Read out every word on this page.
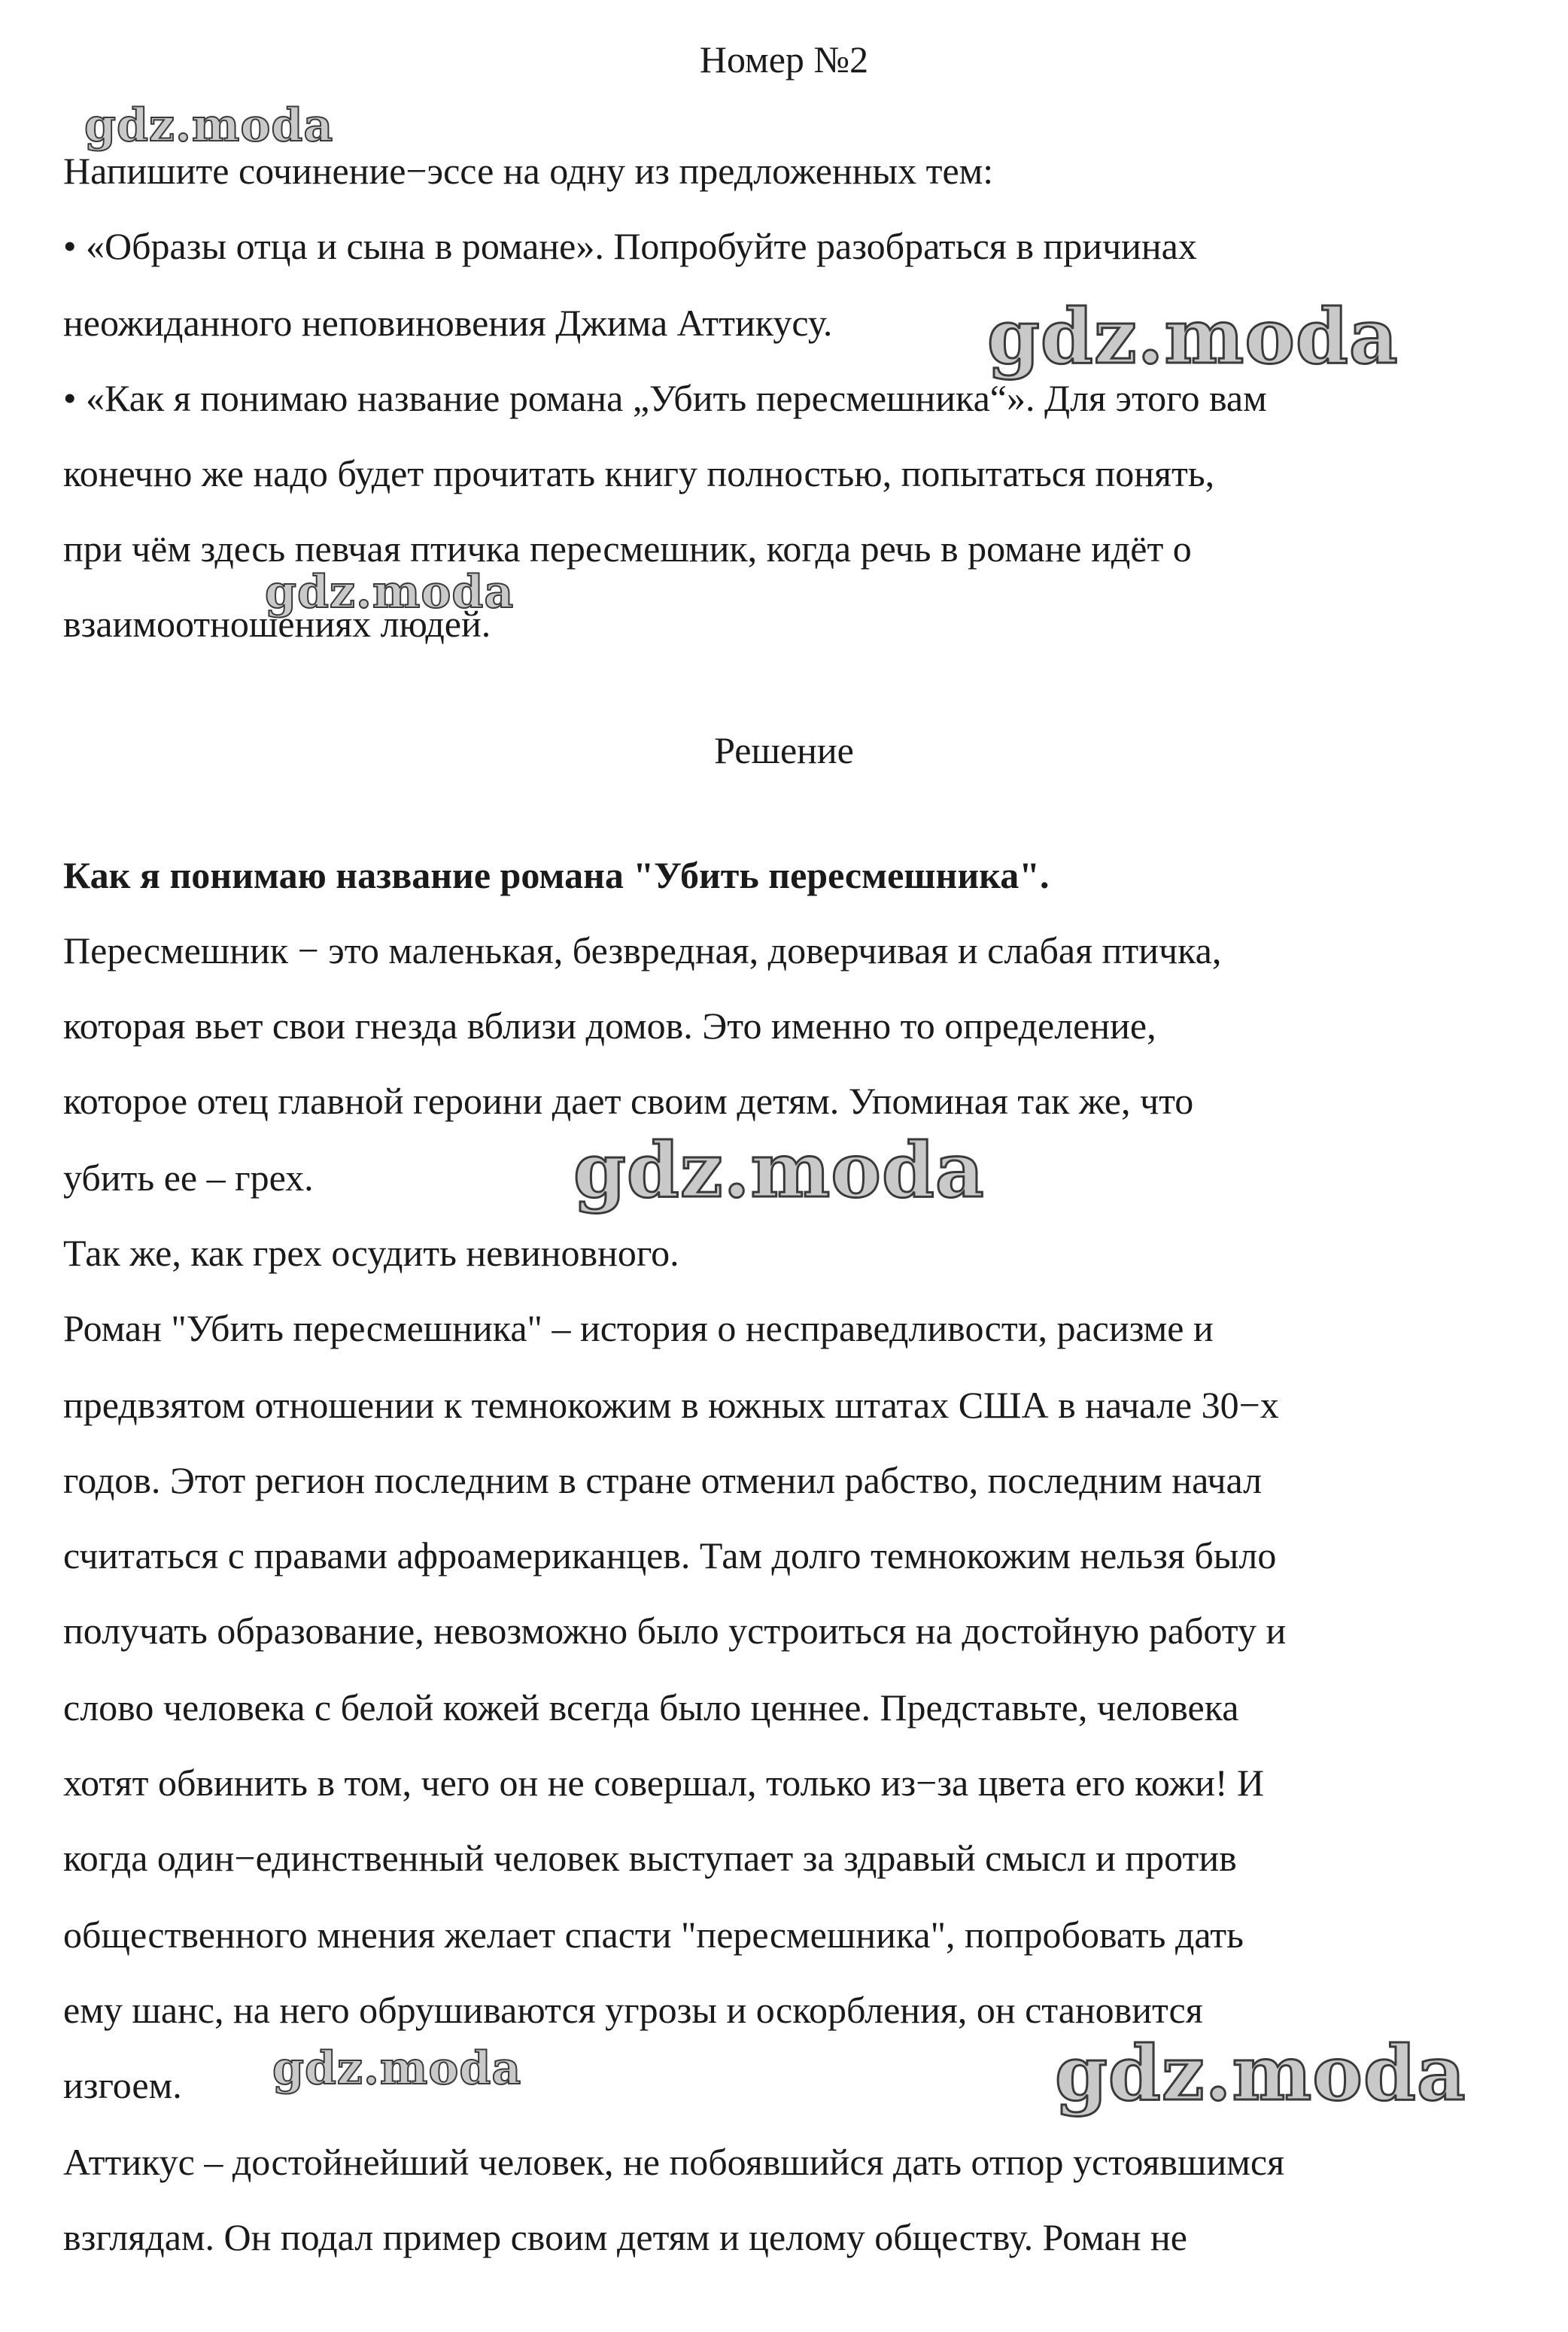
Номер №2
Напишите сочинение−эссе на одну из предложенных тем:
• «Образы отца и сына в романе». Попробуйте разобраться в причинах
неожиданного неповиновения Джима Аттикусу.
• «Как я понимаю название романа „Убить пересмешника“». Для этого вам
конечно же надо будет прочитать книгу полностью, попытаться понять,
при чём здесь певчая птичка пересмешник, когда речь в романе идёт о
взаимоотношениях людей.
Решение
Как я понимаю название романа "Убить пересмешника".
Пересмешник − это маленькая, безвредная, доверчивая и слабая птичка,
которая вьет свои гнезда вблизи домов. Это именно то определение,
которое отец главной героини дает своим детям. Упоминая так же, что
убить ее – грех.
Так же, как грех осудить невиновного.
Роман "Убить пересмешника" – история о несправедливости, расизме и
предвзятом отношении к темнокожим в южных штатах США в начале 30−х
годов. Этот регион последним в стране отменил рабство, последним начал
считаться с правами афроамериканцев. Там долго темнокожим нельзя было
получать образование, невозможно было устроиться на достойную работу и
слово человека с белой кожей всегда было ценнее. Представьте, человека
хотят обвинить в том, чего он не совершал, только из−за цвета его кожи! И
когда один−единственный человек выступает за здравый смысл и против
общественного мнения желает спасти "пересмешника", попробовать дать
ему шанс, на него обрушиваются угрозы и оскорбления, он становится
изгоем.
Аттикус – достойнейший человек, не побоявшийся дать отпор устоявшимся
взглядам. Он подал пример своим детям и целому обществу. Роман не
gdz.moda
gdz.moda
gdz.moda
gdz.moda
gdz.moda	gdz.moda
